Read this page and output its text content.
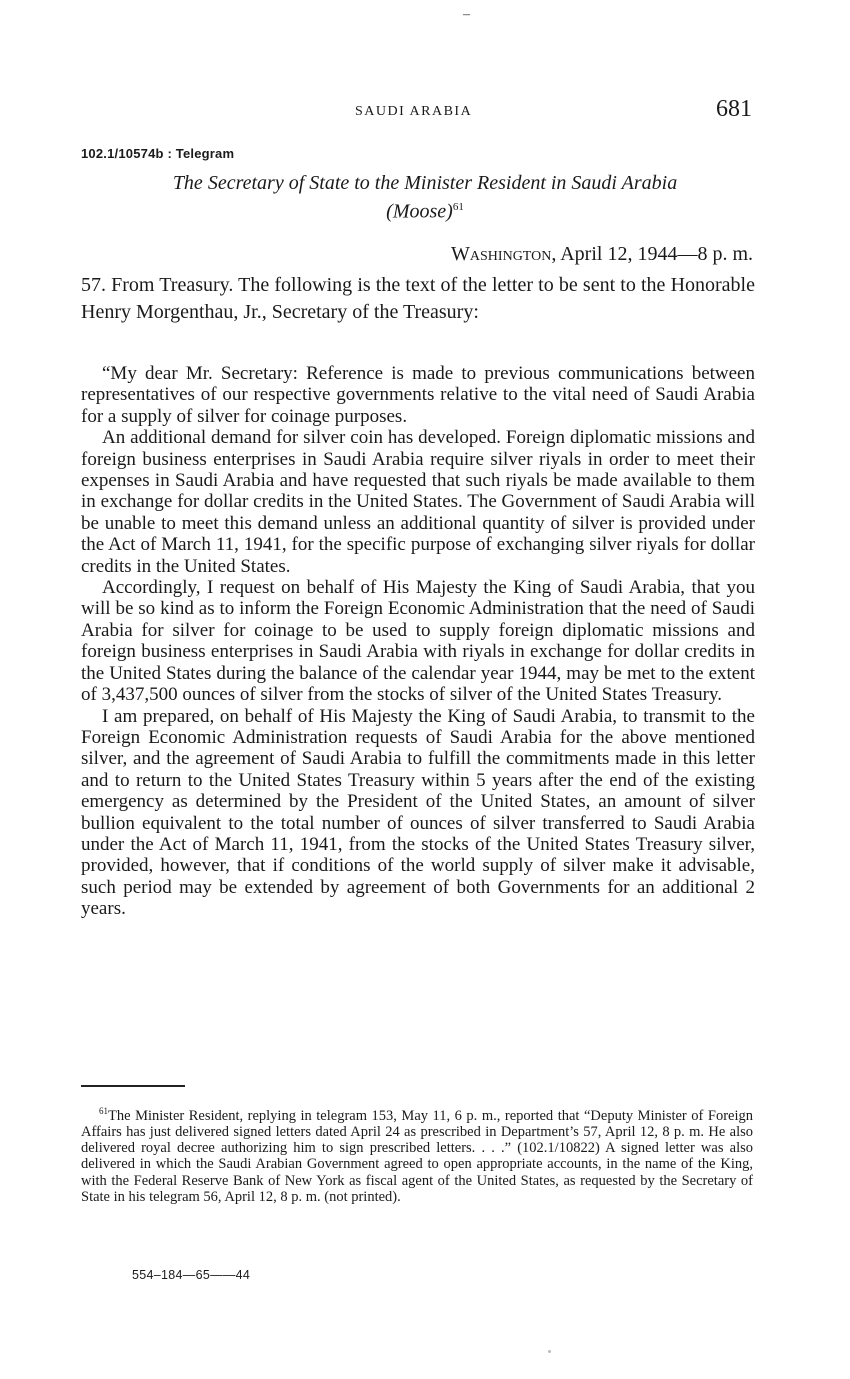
–
SAUDI ARABIA	681
102.1/10574b : Telegram
The Secretary of State to the Minister Resident in Saudi Arabia
(Moose)$^{61}$
Washington, April 12, 1944—8 p. m.

57. From Treasury. The following is the text of the letter to be sent to the Honorable Henry Morgenthau, Jr., Secretary of the Treasury:

“My dear Mr. Secretary: Reference is made to previous communications between representatives of our respective governments relative to the vital need of Saudi Arabia for a supply of silver for coinage purposes.

An additional demand for silver coin has developed. Foreign diplomatic missions and foreign business enterprises in Saudi Arabia require silver riyals in order to meet their expenses in Saudi Arabia and have requested that such riyals be made available to them in exchange for dollar credits in the United States. The Government of Saudi Arabia will be unable to meet this demand unless an additional quantity of silver is provided under the Act of March 11, 1941, for the specific purpose of exchanging silver riyals for dollar credits in the United States.

Accordingly, I request on behalf of His Majesty the King of Saudi Arabia, that you will be so kind as to inform the Foreign Economic Administration that the need of Saudi Arabia for silver for coinage to be used to supply foreign diplomatic missions and foreign business enterprises in Saudi Arabia with riyals in exchange for dollar credits in the United States during the balance of the calendar year 1944, may be met to the extent of 3,437,500 ounces of silver from the stocks of silver of the United States Treasury.

I am prepared, on behalf of His Majesty the King of Saudi Arabia, to transmit to the Foreign Economic Administration requests of Saudi Arabia for the above mentioned silver, and the agreement of Saudi Arabia to fulfill the commitments made in this letter and to return to the United States Treasury within 5 years after the end of the existing emergency as determined by the President of the United States, an amount of silver bullion equivalent to the total number of ounces of silver transferred to Saudi Arabia under the Act of March 11, 1941, from the stocks of the United States Treasury silver, provided, however, that if conditions of the world supply of silver make it advisable, such period may be extended by agreement of both Governments for an additional 2 years.

$^{61}$The Minister Resident, replying in telegram 153, May 11, 6 p. m., reported that “Deputy Minister of Foreign Affairs has just delivered signed letters dated April 24 as prescribed in Department’s 57, April 12, 8 p. m. He also delivered royal decree authorizing him to sign prescribed letters. . . .” (102.1/10822) A signed letter was also delivered in which the Saudi Arabian Government agreed to open appropriate accounts, in the name of the King, with the Federal Reserve Bank of New York as fiscal agent of the United States, as requested by the Secretary of State in his telegram 56, April 12, 8 p. m. (not printed).

554–184—65——44
